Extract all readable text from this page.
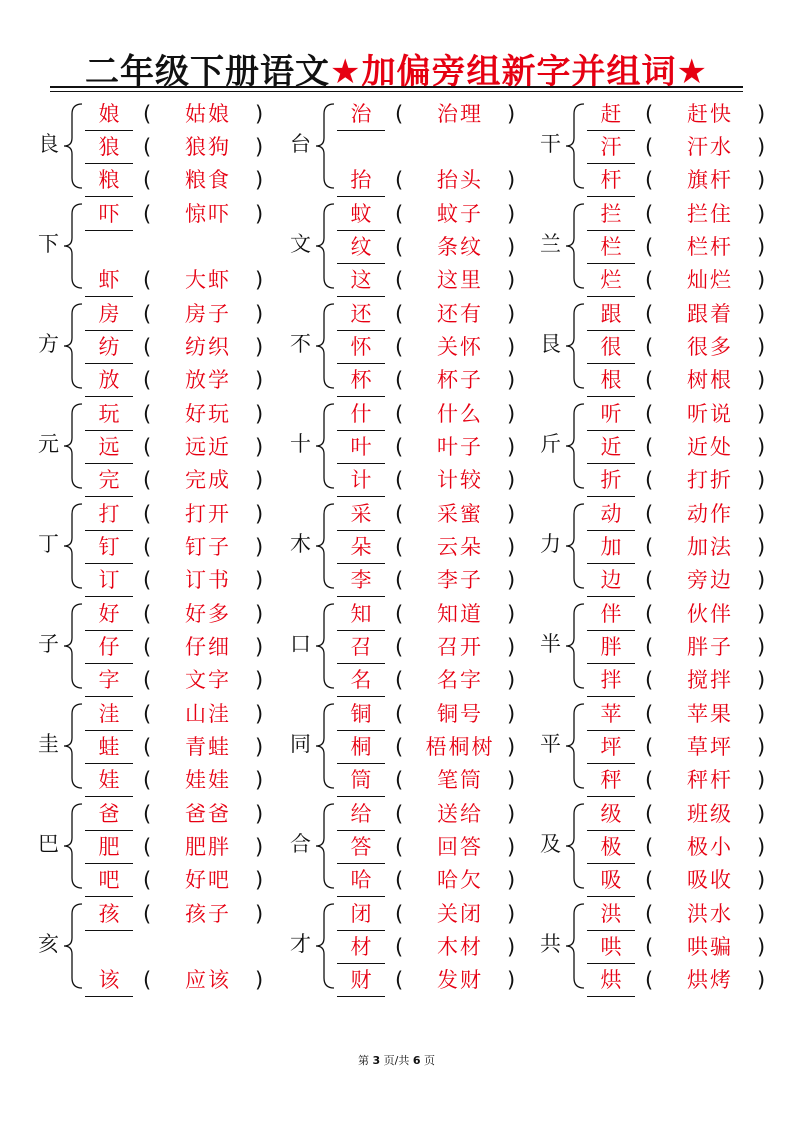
二年级下册语文★加偏旁组新字并组词★
良
娘	(	姑娘	)
狼	(	狼狗	)
粮	(	粮食	)
台
治	(	治理	)
抬	(	抬头	)
干
赶	(	赶快	)
汗	(	汗水	)
杆	(	旗杆	)
下
吓	(	惊吓	)
虾	(	大虾	)
文
蚊	(	蚊子	)
纹	(	条纹	)
这	(	这里	)
兰
拦	(	拦住	)
栏	(	栏杆	)
烂	(	灿烂	)
方
房	(	房子	)
纺	(	纺织	)
放	(	放学	)
不
还	(	还有	)
怀	(	关怀	)
杯	(	杯子	)
艮
跟	(	跟着	)
很	(	很多	)
根	(	树根	)
元
玩	(	好玩	)
远	(	远近	)
完	(	完成	)
十
什	(	什么	)
叶	(	叶子	)
计	(	计较	)
斤
听	(	听说	)
近	(	近处	)
折	(	打折	)
丁
打	(	打开	)
钉	(	钉子	)
订	(	订书	)
木
采	(	采蜜	)
朵	(	云朵	)
李	(	李子	)
力
动	(	动作	)
加	(	加法	)
边	(	旁边	)
子
好	(	好多	)
仔	(	仔细	)
字	(	文字	)
口
知	(	知道	)
召	(	召开	)
名	(	名字	)
半
伴	(	伙伴	)
胖	(	胖子	)
拌	(	搅拌	)
圭
洼	(	山洼	)
蛙	(	青蛙	)
娃	(	娃娃	)
同
铜	(	铜号	)
桐	(	梧桐树 )
筒	(	笔筒	)
平
苹	(	苹果	)
坪	(	草坪	)
秤	(	秤杆	)
巴
爸	(	爸爸	)
肥	(	肥胖	)
吧	(	好吧	)
合
给	(	送给	)
答	(	回答	)
哈	(	哈欠	)
及
级	(	班级	)
极	(	极小	)
吸	(	吸收	)
亥
孩	(	孩子	)
该	(	应该	)
才
闭	(	关闭	)
材	(	木材	)
财	(	发财	)
共
洪	(	洪水	)
哄	(	哄骗	)
烘	(	烘烤	)
第 3 页/共 6 页
